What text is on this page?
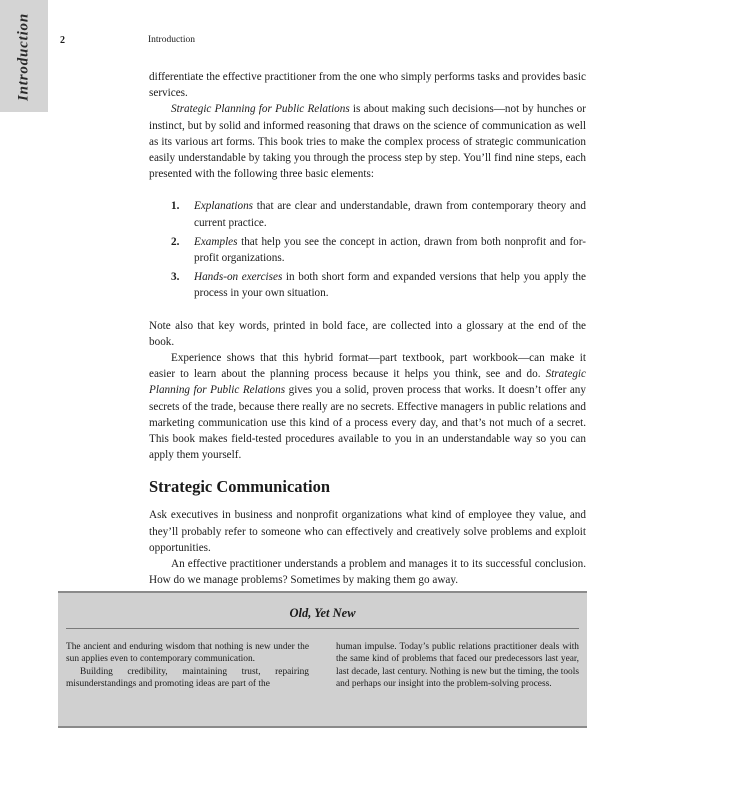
Introduction	2	Introduction

differentiate the effective practitioner from the one who simply performs tasks and provides basic services.

Strategic Planning for Public Relations is about making such decisions—not by hunches or instinct, but by solid and informed reasoning that draws on the science of communication as well as its various art forms. This book tries to make the complex process of strategic communication easily understandable by taking you through the process step by step. You’ll find nine steps, each presented with the following three basic elements:

1. Explanations that are clear and understandable, drawn from contemporary theory and current practice.
2. Examples that help you see the concept in action, drawn from both nonprofit and for-profit organizations.
3. Hands-on exercises in both short form and expanded versions that help you apply the process in your own situation.

Note also that key words, printed in bold face, are collected into a glossary at the end of the book.

Experience shows that this hybrid format—part textbook, part workbook—can make it easier to learn about the planning process because it helps you think, see and do. Strategic Planning for Public Relations gives you a solid, proven process that works. It doesn’t offer any secrets of the trade, because there really are no secrets. Effective managers in public relations and marketing communication use this kind of a process every day, and that’s not much of a secret. This book makes field-tested procedures available to you in an understandable way so you can apply them yourself.

Strategic Communication

Ask executives in business and nonprofit organizations what kind of employee they value, and they’ll probably refer to someone who can effectively and creatively solve problems and exploit opportunities.

An effective practitioner understands a problem and manages it to its successful conclusion. How do we manage problems? Sometimes by making them go away.

Old, Yet New

The ancient and enduring wisdom that nothing is new under the sun applies even to contemporary communication.

Building credibility, maintaining trust, repairing misunderstandings and promoting ideas are part of the

human impulse. Today’s public relations practitioner deals with the same kind of problems that faced our predecessors last year, last decade, last century. Nothing is new but the timing, the tools and perhaps our insight into the problem-solving process.
